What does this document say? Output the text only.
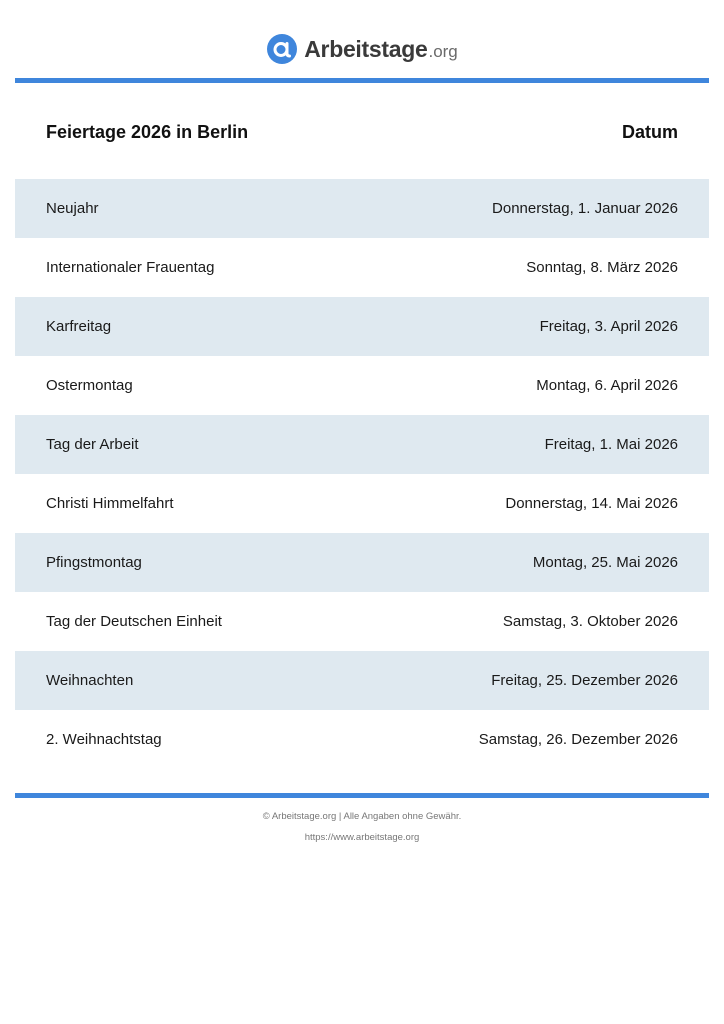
Arbeitstage .org
Feiertage 2026 in Berlin	Datum
Neujahr	Donnerstag, 1. Januar 2026
Internationaler Frauentag	Sonntag, 8. März 2026
Karfreitag	Freitag, 3. April 2026
Ostermontag	Montag, 6. April 2026
Tag der Arbeit	Freitag, 1. Mai 2026
Christi Himmelfahrt	Donnerstag, 14. Mai 2026
Pfingstmontag	Montag, 25. Mai 2026
Tag der Deutschen Einheit	Samstag, 3. Oktober 2026
Weihnachten	Freitag, 25. Dezember 2026
2. Weihnachtstag	Samstag, 26. Dezember 2026
© Arbeitstage.org | Alle Angaben ohne Gewähr.
https://www.arbeitstage.org
